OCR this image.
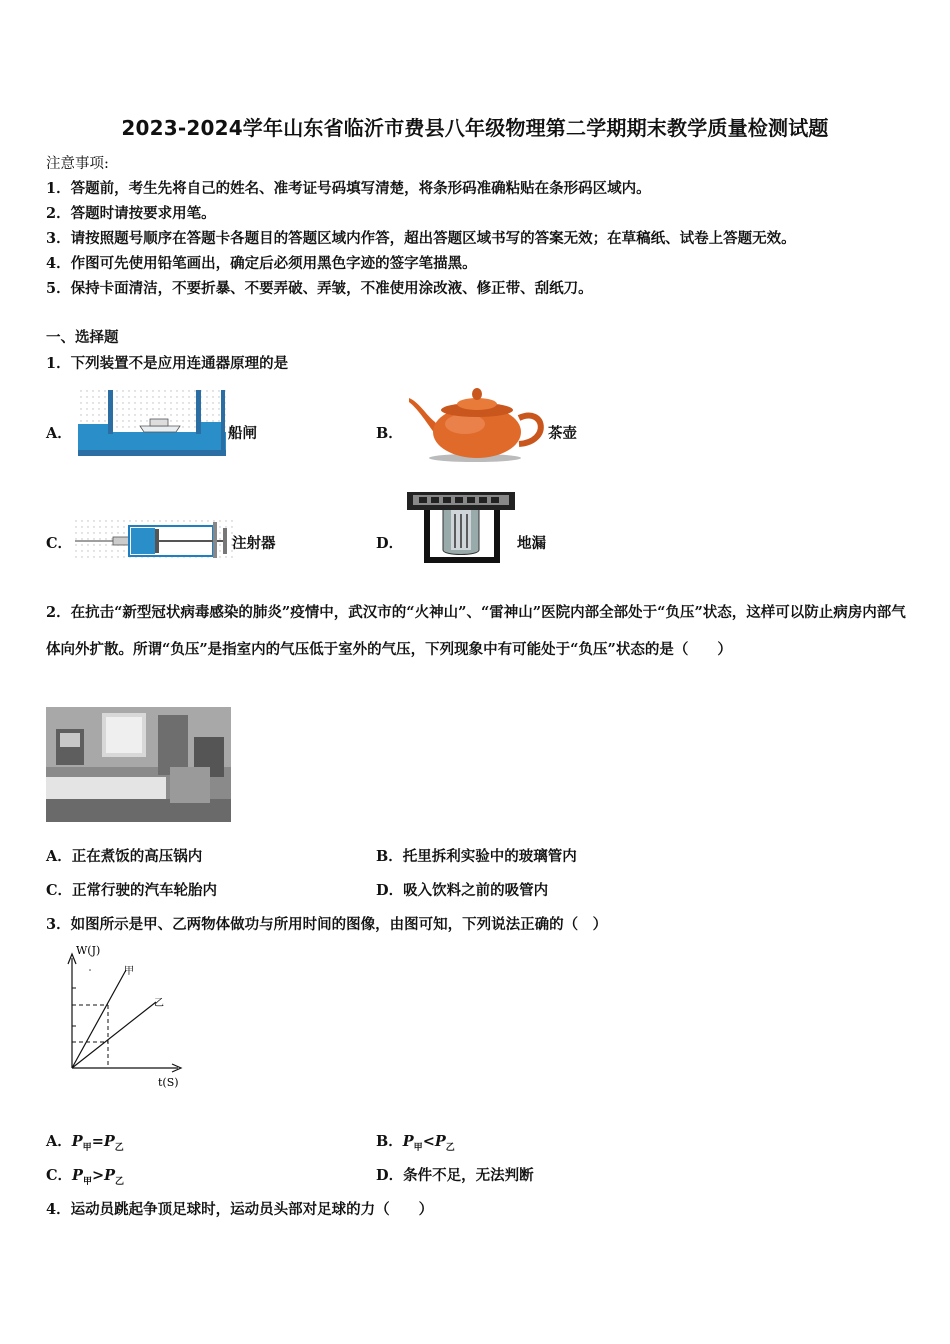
2023-2024学年山东省临沂市费县八年级物理第二学期期末教学质量检测试题
注意事项:
1．答题前，考生先将自己的姓名、准考证号码填写清楚，将条形码准确粘贴在条形码区域内。
2．答题时请按要求用笔。
3．请按照题号顺序在答题卡各题目的答题区域内作答，超出答题区域书写的答案无效；在草稿纸、试卷上答题无效。
4．作图可先使用铅笔画出，确定后必须用黑色字迹的签字笔描黑。
5．保持卡面清洁，不要折暴、不要弄破、弄皱，不准使用涂改液、修正带、刮纸刀。
一、选择题
1．下列装置不是应用连通器原理的是
A．	船闸	B．	茶壶
C．	注射器	D．	地漏
2．在抗击“新型冠状病毒感染的肺炎”疫情中，武汉市的“火神山”、“雷神山”医院内部全部处于“负压”状态，这样可以防止病房内部气体向外扩散。所谓“负压”是指室内的气压低于室外的气压，下列现象中有可能处于“负压”状态的是（　　）
A．正在煮饭的高压锅内	B．托里拆利实验中的玻璃管内
C．正常行驶的汽车轮胎内	D．吸入饮料之前的吸管内
3．如图所示是甲、乙两物体做功与所用时间的图像，由图可知，下列说法正确的（　）
W(J)
t(S)
甲
乙
A．$P_甲=P_乙$	B．$P_甲<P_乙$
C．$P_甲>P_乙$	D．条件不足，无法判断
4．运动员跳起争顶足球时，运动员头部对足球的力（　　）
